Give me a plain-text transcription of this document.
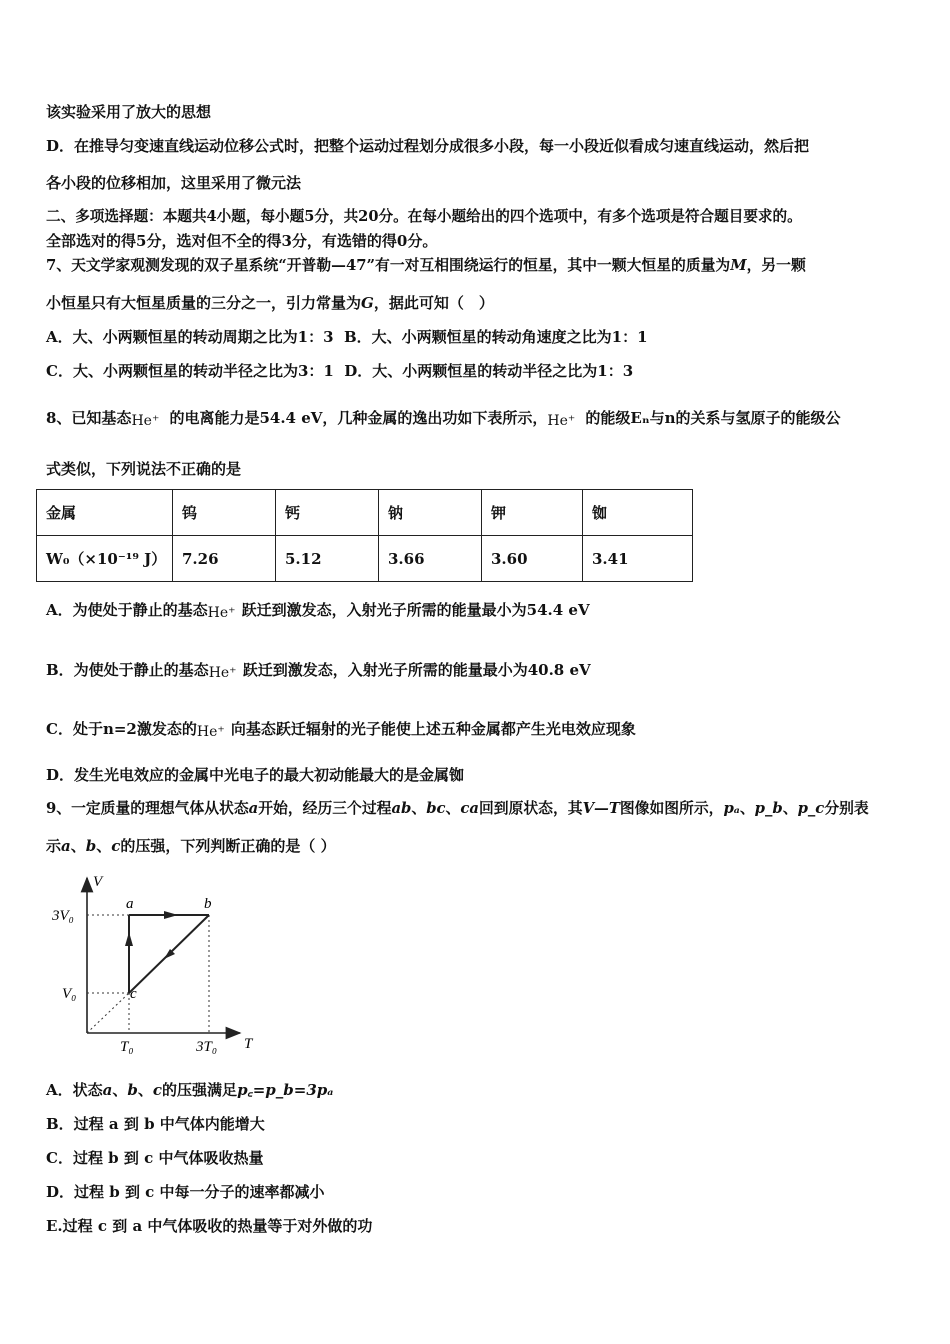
该实验采用了放大的思想
D．在推导匀变速直线运动位移公式时，把整个运动过程划分成很多小段，每一小段近似看成匀速直线运动，然后把
各小段的位移相加，这里采用了微元法
二、多项选择题：本题共4小题，每小题5分，共20分。在每小题给出的四个选项中，有多个选项是符合题目要求的。
全部选对的得5分，选对但不全的得3分，有选错的得0分。
7、天文学家观测发现的双子星系统“开普勒—47”有一对互相围绕运行的恒星，其中一颗大恒星的质量为M，另一颗
小恒星只有大恒星质量的三分之一，引力常量为G，据此可知（　）
A．大、小两颗恒星的转动周期之比为1：3 B．大、小两颗恒星的转动角速度之比为1：1
C．大、小两颗恒星的转动半径之比为3：1 D．大、小两颗恒星的转动半径之比为1：3
8、已知基态 He⁺ 的电离能力是54.4 eV，几种金属的逸出功如下表所示， He⁺ 的能级Eₙ与n的关系与氢原子的能级公
式类似，下列说法不正确的是
金属	钨	钙	钠	钾	铷
W₀（×10⁻¹⁹ J）	7.26	5.12	3.66	3.60	3.41
A．为使处于静止的基态 He⁺ 跃迁到激发态，入射光子所需的能量最小为54.4 eV
B．为使处于静止的基态 He⁺ 跃迁到激发态，入射光子所需的能量最小为40.8 eV
C．处于n=2激发态的 He⁺ 向基态跃迁辐射的光子能使上述五种金属都产生光电效应现象
D．发生光电效应的金属中光电子的最大初动能最大的是金属铷
9、一定质量的理想气体从状态a开始，经历三个过程ab、bc、ca回到原状态，其V—T图像如图所示，pₐ、p_b、p_c分别表
示a、b、c的压强，下列判断正确的是（ ）
V
T
3V₀
V₀
T₀	3T₀
a	b
c
A．状态a、b、c的压强满足p꜀=p_b=3pₐ
B．过程 a 到 b 中气体内能增大
C．过程 b 到 c 中气体吸收热量
D．过程 b 到 c 中每一分子的速率都减小
E.过程 c 到 a 中气体吸收的热量等于对外做的功
